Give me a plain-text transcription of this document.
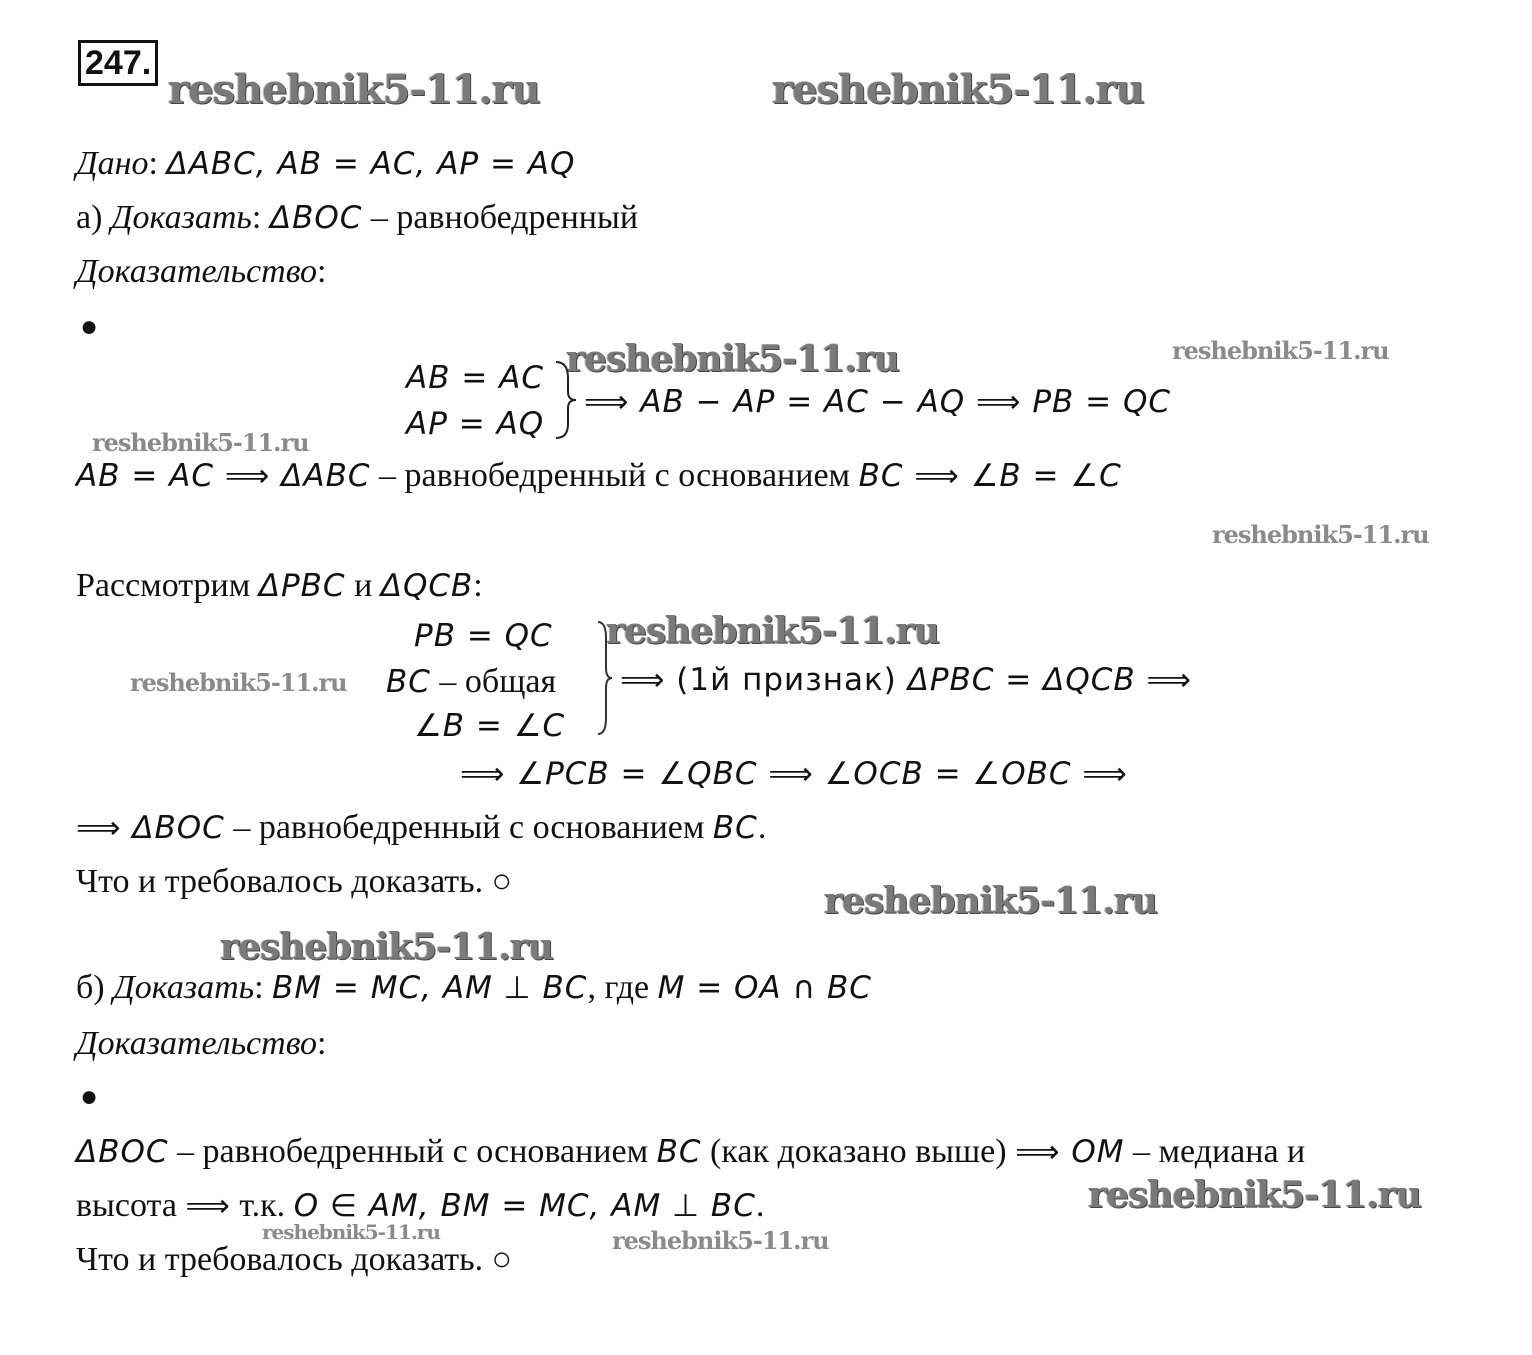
247.
reshebnik5-11.ru	reshebnik5-11.ru
reshebnik5-11.ru	reshebnik5-11.ru
reshebnik5-11.ru
reshebnik5-11.ru
reshebnik5-11.ru
reshebnik5-11.ru
reshebnik5-11.ru
reshebnik5-11.ru
reshebnik5-11.ru
reshebnik5-11.ru	reshebnik5-11.ru
Дано: ΔABC, AB = AC, AP = AQ
а) Доказать: ΔBOC – равнобедренный
Доказательство:
●
AB = AC
AP = AQ
⟹ AB − AP = AC − AQ ⟹ PB = QC
AB = AC ⟹ ΔABC – равнобедренный с основанием BC ⟹ ∠B = ∠C
Рассмотрим ΔPBC и ΔQCB:
PB = QC
BC – общая
∠B = ∠C
⟹ (1й признак) ΔPBC = ΔQCB ⟹
⟹ ∠PCB = ∠QBC ⟹ ∠OCB = ∠OBC ⟹
⟹ ΔBOC – равнобедренный с основанием BC.
Что и требовалось доказать. ○
б) Доказать: BM = MC, AM ⊥ BC, где M = OA ∩ BC
Доказательство:
●
ΔBOC – равнобедренный с основанием BC (как доказано выше) ⟹ OM – медиана и
высота ⟹ т.к. O ∈ AM, BM = MC, AM ⊥ BC.
Что и требовалось доказать. ○
